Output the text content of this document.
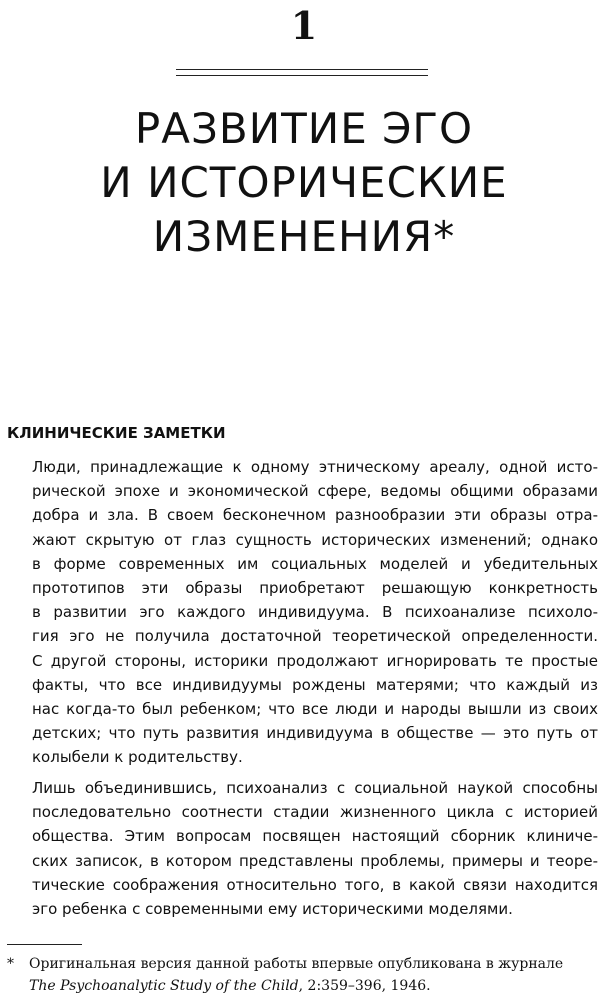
1
РАЗВИТИЕ ЭГО
И ИСТОРИЧЕСКИЕ
ИЗМЕНЕНИЯ*
КЛИНИЧЕСКИЕ ЗАМЕТКИ
Люди, принадлежащие к одному этническому ареалу, одной исто-
рической эпохе и экономической сфере, ведомы общими образами
добра и зла. В своем бесконечном разнообразии эти образы отра-
жают скрытую от глаз сущность исторических изменений; однако
в форме современных им социальных моделей и убедительных
прототипов эти образы приобретают решающую конкретность
в развитии эго каждого индивидуума. В психоанализе психоло-
гия эго не получила достаточной теоретической определенности.
С другой стороны, историки продолжают игнорировать те простые
факты, что все индивидуумы рождены матерями; что каждый из
нас когда-то был ребенком; что все люди и народы вышли из своих
детских; что путь развития индивидуума в обществе — это путь от
колыбели к родительству.
Лишь объединившись, психоанализ с социальной наукой способны
последовательно соотнести стадии жизненного цикла с историей
общества. Этим вопросам посвящен настоящий сборник клиниче-
ских записок, в котором представлены проблемы, примеры и теоре-
тические соображения относительно того, в какой связи находится
эго ребенка с современными ему историческими моделями.
* Оригинальная версия данной работы впервые опубликована в журнале
The Psychoanalytic Study of the Child, 2:359–396, 1946.
